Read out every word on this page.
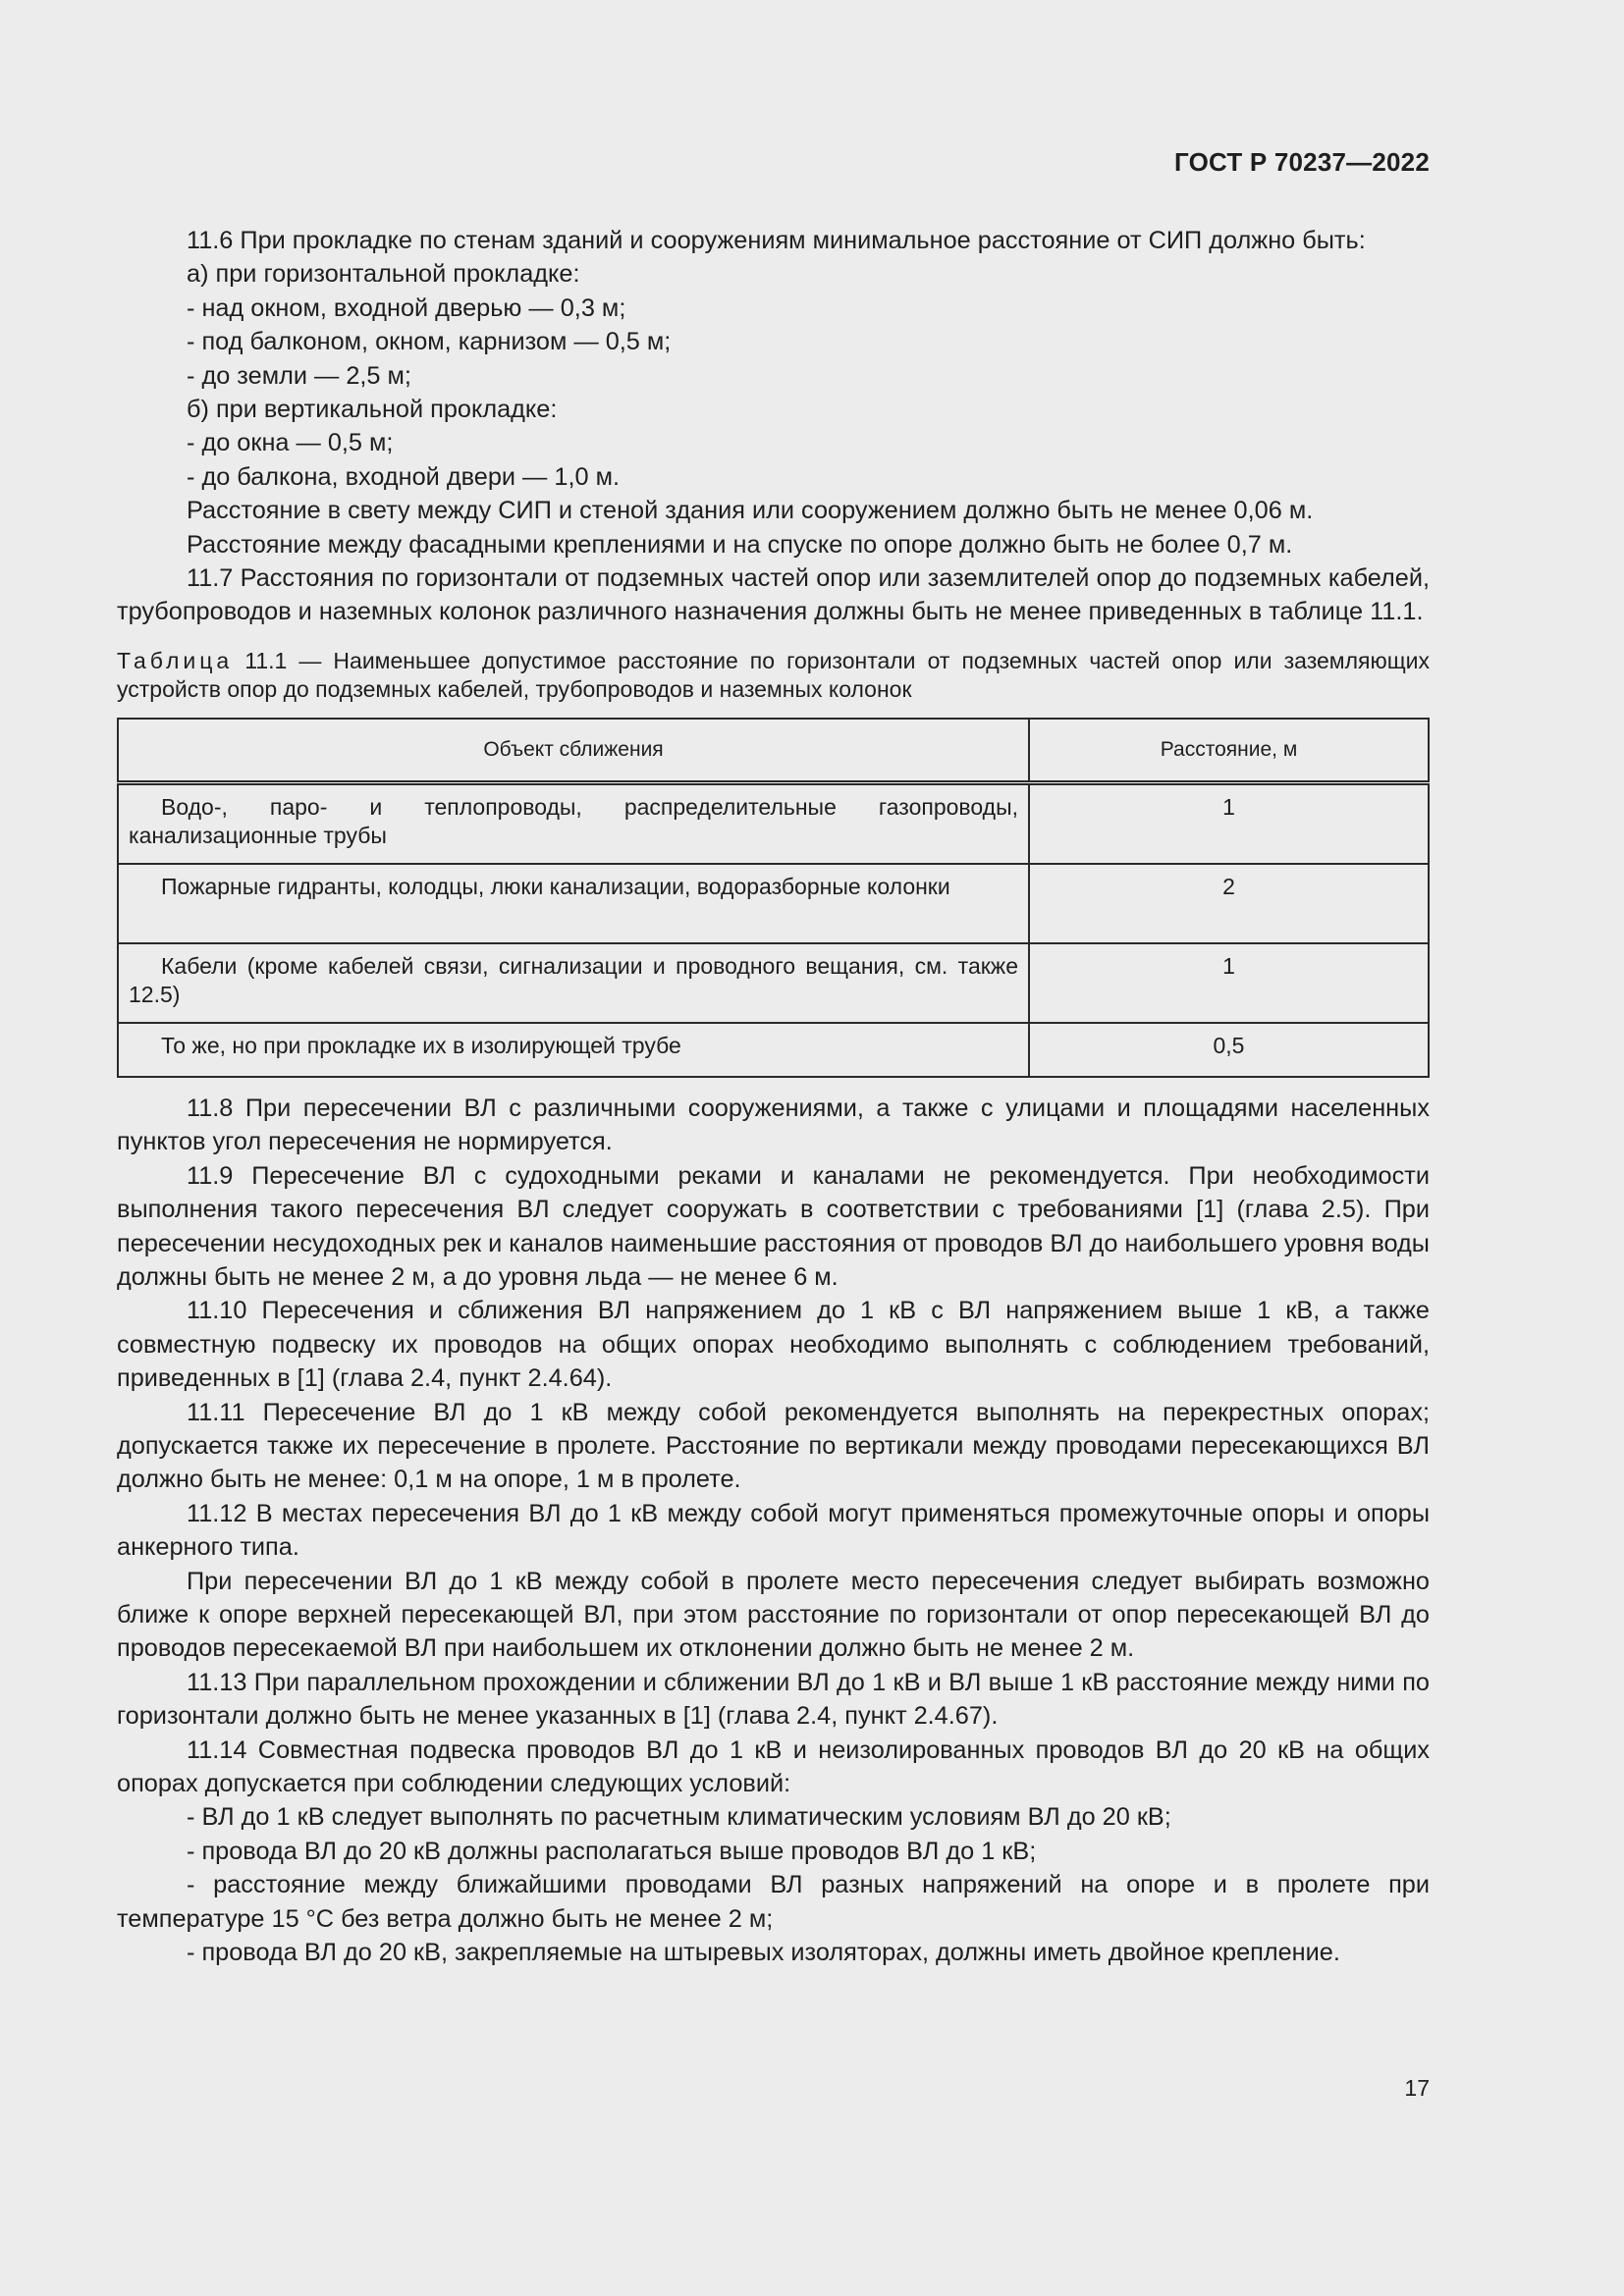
ГОСТ Р 70237—2022

11.6 При прокладке по стенам зданий и сооружениям минимальное расстояние от СИП должно быть:

а) при горизонтальной прокладке:

- над окном, входной дверью — 0,3 м;

- под балконом, окном, карнизом — 0,5 м;

- до земли — 2,5 м;

б) при вертикальной прокладке:

- до окна — 0,5 м;

- до балкона, входной двери — 1,0 м.

Расстояние в свету между СИП и стеной здания или сооружением должно быть не менее 0,06 м.

Расстояние между фасадными креплениями и на спуске по опоре должно быть не более 0,7 м.

11.7 Расстояния по горизонтали от подземных частей опор или заземлителей опор до подземных кабелей, трубопроводов и наземных колонок различного назначения должны быть не менее приведенных в таблице 11.1.

Таблица 11.1 — Наименьшее допустимое расстояние по горизонтали от подземных частей опор или заземляющих устройств опор до подземных кабелей, трубопроводов и наземных колонок
Объект сближения	Расстояние, м

Водо-, паро- и теплопроводы, распределительные газопроводы, канализационные трубы	1

Пожарные гидранты, колодцы, люки канализации, водоразборные колонки	2

Кабели (кроме кабелей связи, сигнализации и проводного вещания, см. также 12.5)	1

То же, но при прокладке их в изолирующей трубе	0,5

11.8 При пересечении ВЛ с различными сооружениями, а также с улицами и площадями населенных пунктов угол пересечения не нормируется.

11.9 Пересечение ВЛ с судоходными реками и каналами не рекомендуется. При необходимости выполнения такого пересечения ВЛ следует сооружать в соответствии с требованиями [1] (глава 2.5). При пересечении несудоходных рек и каналов наименьшие расстояния от проводов ВЛ до наибольшего уровня воды должны быть не менее 2 м, а до уровня льда — не менее 6 м.

11.10 Пересечения и сближения ВЛ напряжением до 1 кВ с ВЛ напряжением выше 1 кВ, а также совместную подвеску их проводов на общих опорах необходимо выполнять с соблюдением требований, приведенных в [1] (глава 2.4, пункт 2.4.64).

11.11 Пересечение ВЛ до 1 кВ между собой рекомендуется выполнять на перекрестных опорах; допускается также их пересечение в пролете. Расстояние по вертикали между проводами пересекающихся ВЛ должно быть не менее: 0,1 м на опоре, 1 м в пролете.

11.12 В местах пересечения ВЛ до 1 кВ между собой могут применяться промежуточные опоры и опоры анкерного типа.

При пересечении ВЛ до 1 кВ между собой в пролете место пересечения следует выбирать возможно ближе к опоре верхней пересекающей ВЛ, при этом расстояние по горизонтали от опор пересекающей ВЛ до проводов пересекаемой ВЛ при наибольшем их отклонении должно быть не менее 2 м.

11.13 При параллельном прохождении и сближении ВЛ до 1 кВ и ВЛ выше 1 кВ расстояние между ними по горизонтали должно быть не менее указанных в [1] (глава 2.4, пункт 2.4.67).

11.14 Совместная подвеска проводов ВЛ до 1 кВ и неизолированных проводов ВЛ до 20 кВ на общих опорах допускается при соблюдении следующих условий:

- ВЛ до 1 кВ следует выполнять по расчетным климатическим условиям ВЛ до 20 кВ;

- провода ВЛ до 20 кВ должны располагаться выше проводов ВЛ до 1 кВ;

- расстояние между ближайшими проводами ВЛ разных напряжений на опоре и в пролете при температуре 15 °С без ветра должно быть не менее 2 м;

- провода ВЛ до 20 кВ, закрепляемые на штыревых изоляторах, должны иметь двойное крепление.

17
